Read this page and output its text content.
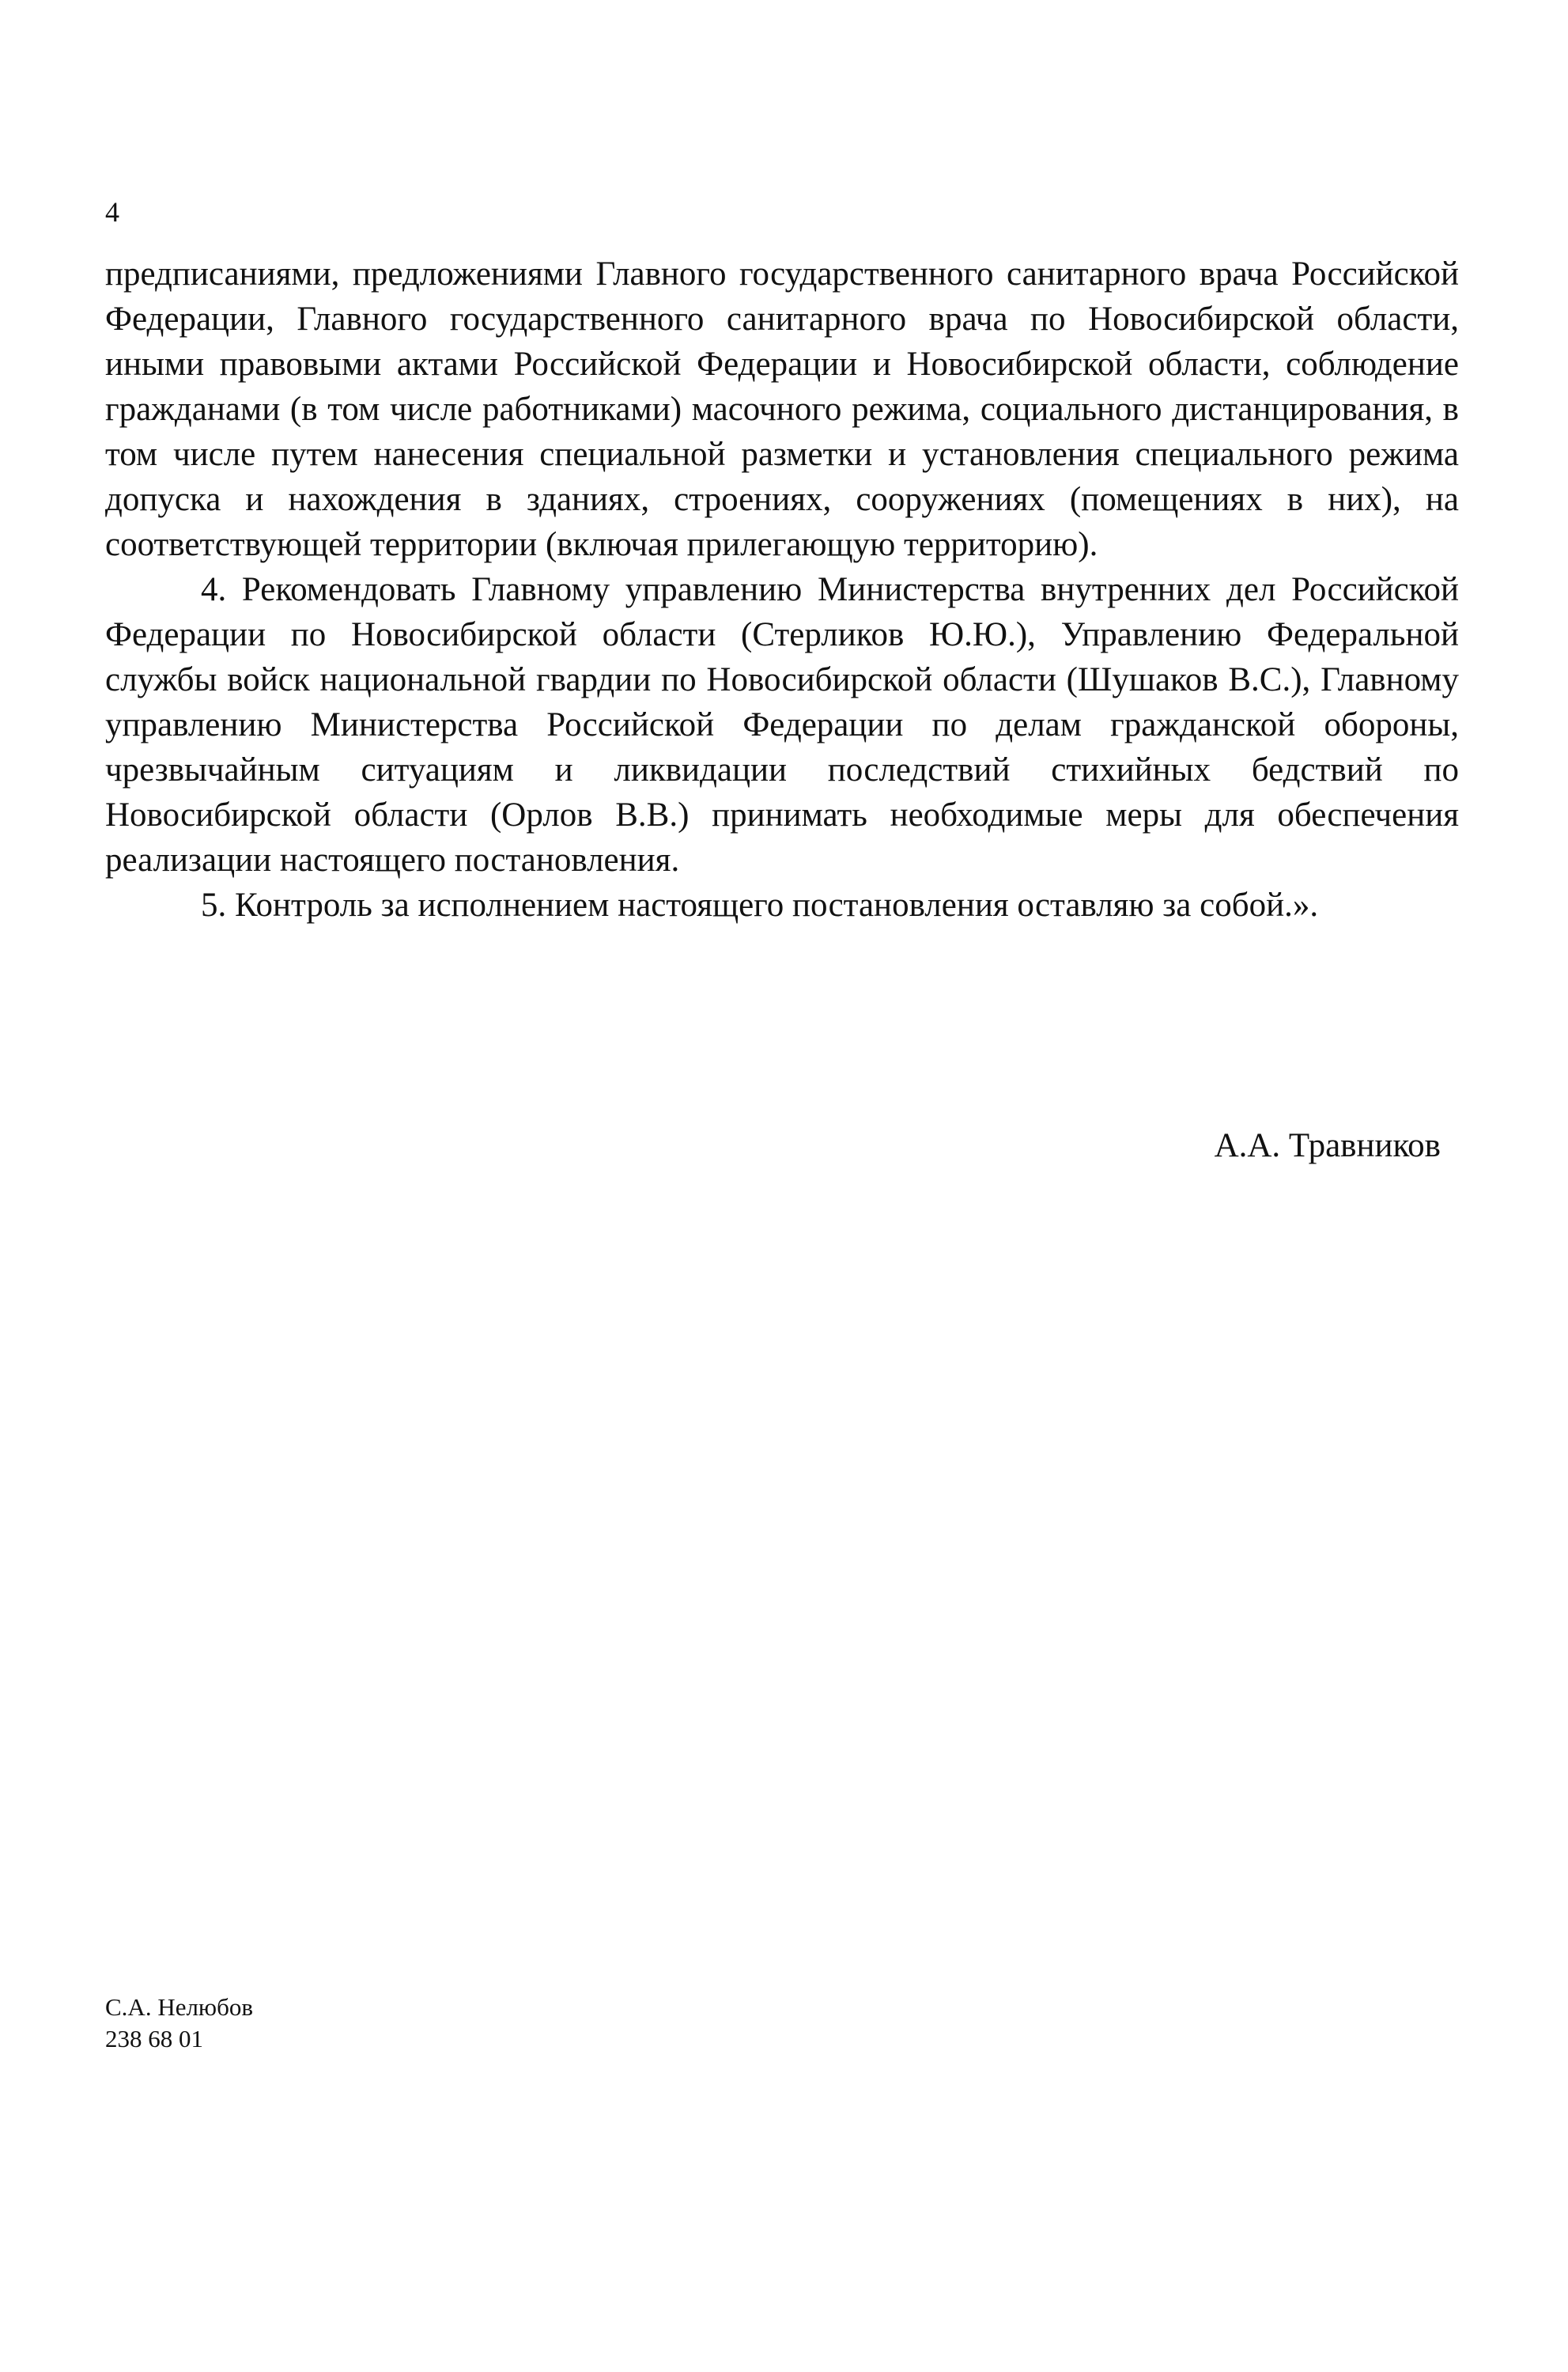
4

предписаниями, предложениями Главного государственного санитарного врача Российской Федерации, Главного государственного санитарного врача по Новосибирской области, иными правовыми актами Российской Федерации и Новосибирской области, соблюдение гражданами (в том числе работниками) масочного режима, социального дистанцирования, в том числе путем нанесения специальной разметки и установления специального режима допуска и нахождения в зданиях, строениях, сооружениях (помещениях в них), на соответствующей территории (включая прилегающую территорию).

4. Рекомендовать Главному управлению Министерства внутренних дел Российской Федерации по Новосибирской области (Стерликов Ю.Ю.), Управлению Федеральной службы войск национальной гвардии по Новосибирской области (Шушаков В.С.), Главному управлению Министерства Российской Федерации по делам гражданской обороны, чрезвычайным ситуациям и ликвидации последствий стихийных бедствий по Новосибирской области (Орлов В.В.) принимать необходимые меры для обеспечения реализации настоящего постановления.

5. Контроль за исполнением настоящего постановления оставляю за собой.».

А.А. Травников
С.А. Нелюбов
238 68 01
